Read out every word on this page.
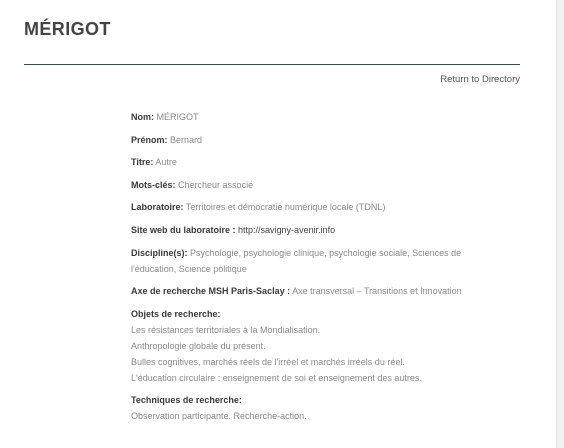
MÉRIGOT
Return to Directory
Nom: MÉRIGOT
Prénom: Bernard
Titre: Autre
Mots-clés: Chercheur associé
Laboratoire: Territoires et démocratie numérique locale (TDNL)
Site web du laboratoire : http://savigny-avenir.info
Discipline(s): Psychologie, psychologie clinique, psychologie sociale, Sciences de l'éducation, Science politique
Axe de recherche MSH Paris-Saclay : Axe transversal – Transitions et Innovation
Objets de recherche:
Les résistances territoriales à la Mondialisation.
Anthropologie globale du présent.
Bulles cognitives, marchés réels de l'irréel et marchés irréels du réel.
L'éducation circulaire : enseignement de soi et enseignement des autres.
Techniques de recherche:
Observation participante. Recherche-action.
